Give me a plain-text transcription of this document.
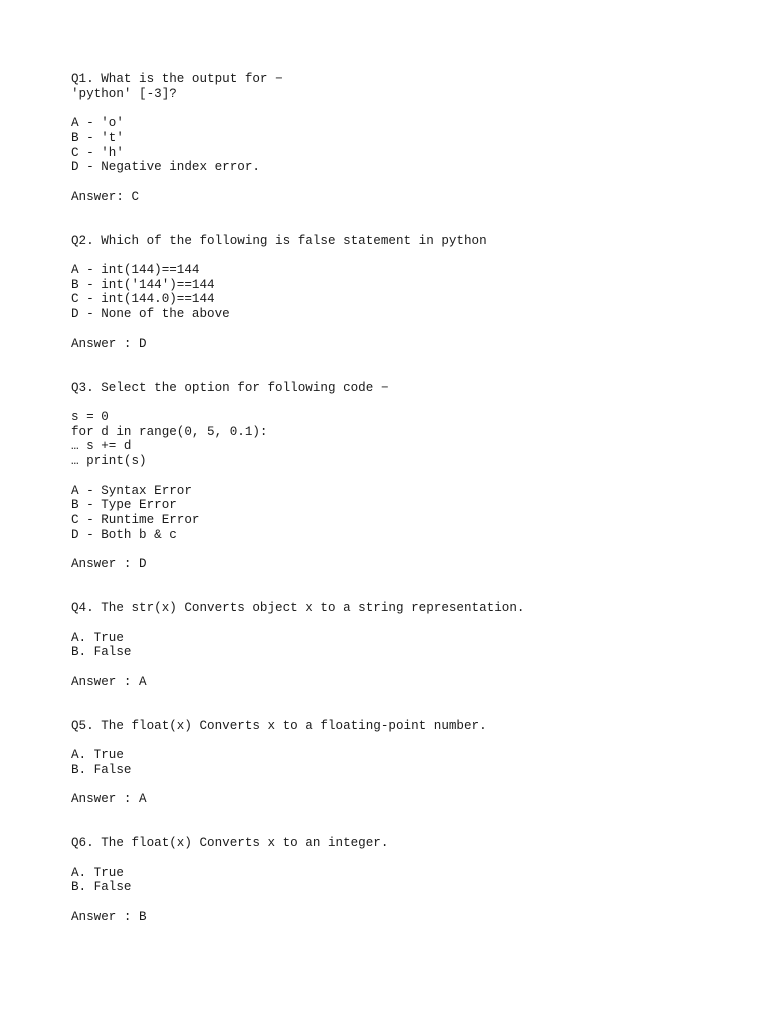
Q1. What is the output for −
'python' [-3]?
A - 'o'
B - 't'
C - 'h'
D - Negative index error.
Answer: C
Q2. Which of the following is false statement in python
A - int(144)==144
B - int('144')==144
C - int(144.0)==144
D - None of the above
Answer : D
Q3. Select the option for following code −
s = 0
for d in range(0, 5, 0.1):
… s += d
… print(s)
A - Syntax Error
B - Type Error
C - Runtime Error
D - Both b & c
Answer : D
Q4. The str(x) Converts object x to a string representation.
A. True
B. False
Answer : A
Q5. The float(x) Converts x to a floating-point number.
A. True
B. False
Answer : A
Q6. The float(x) Converts x to an integer.
A. True
B. False
Answer : B
